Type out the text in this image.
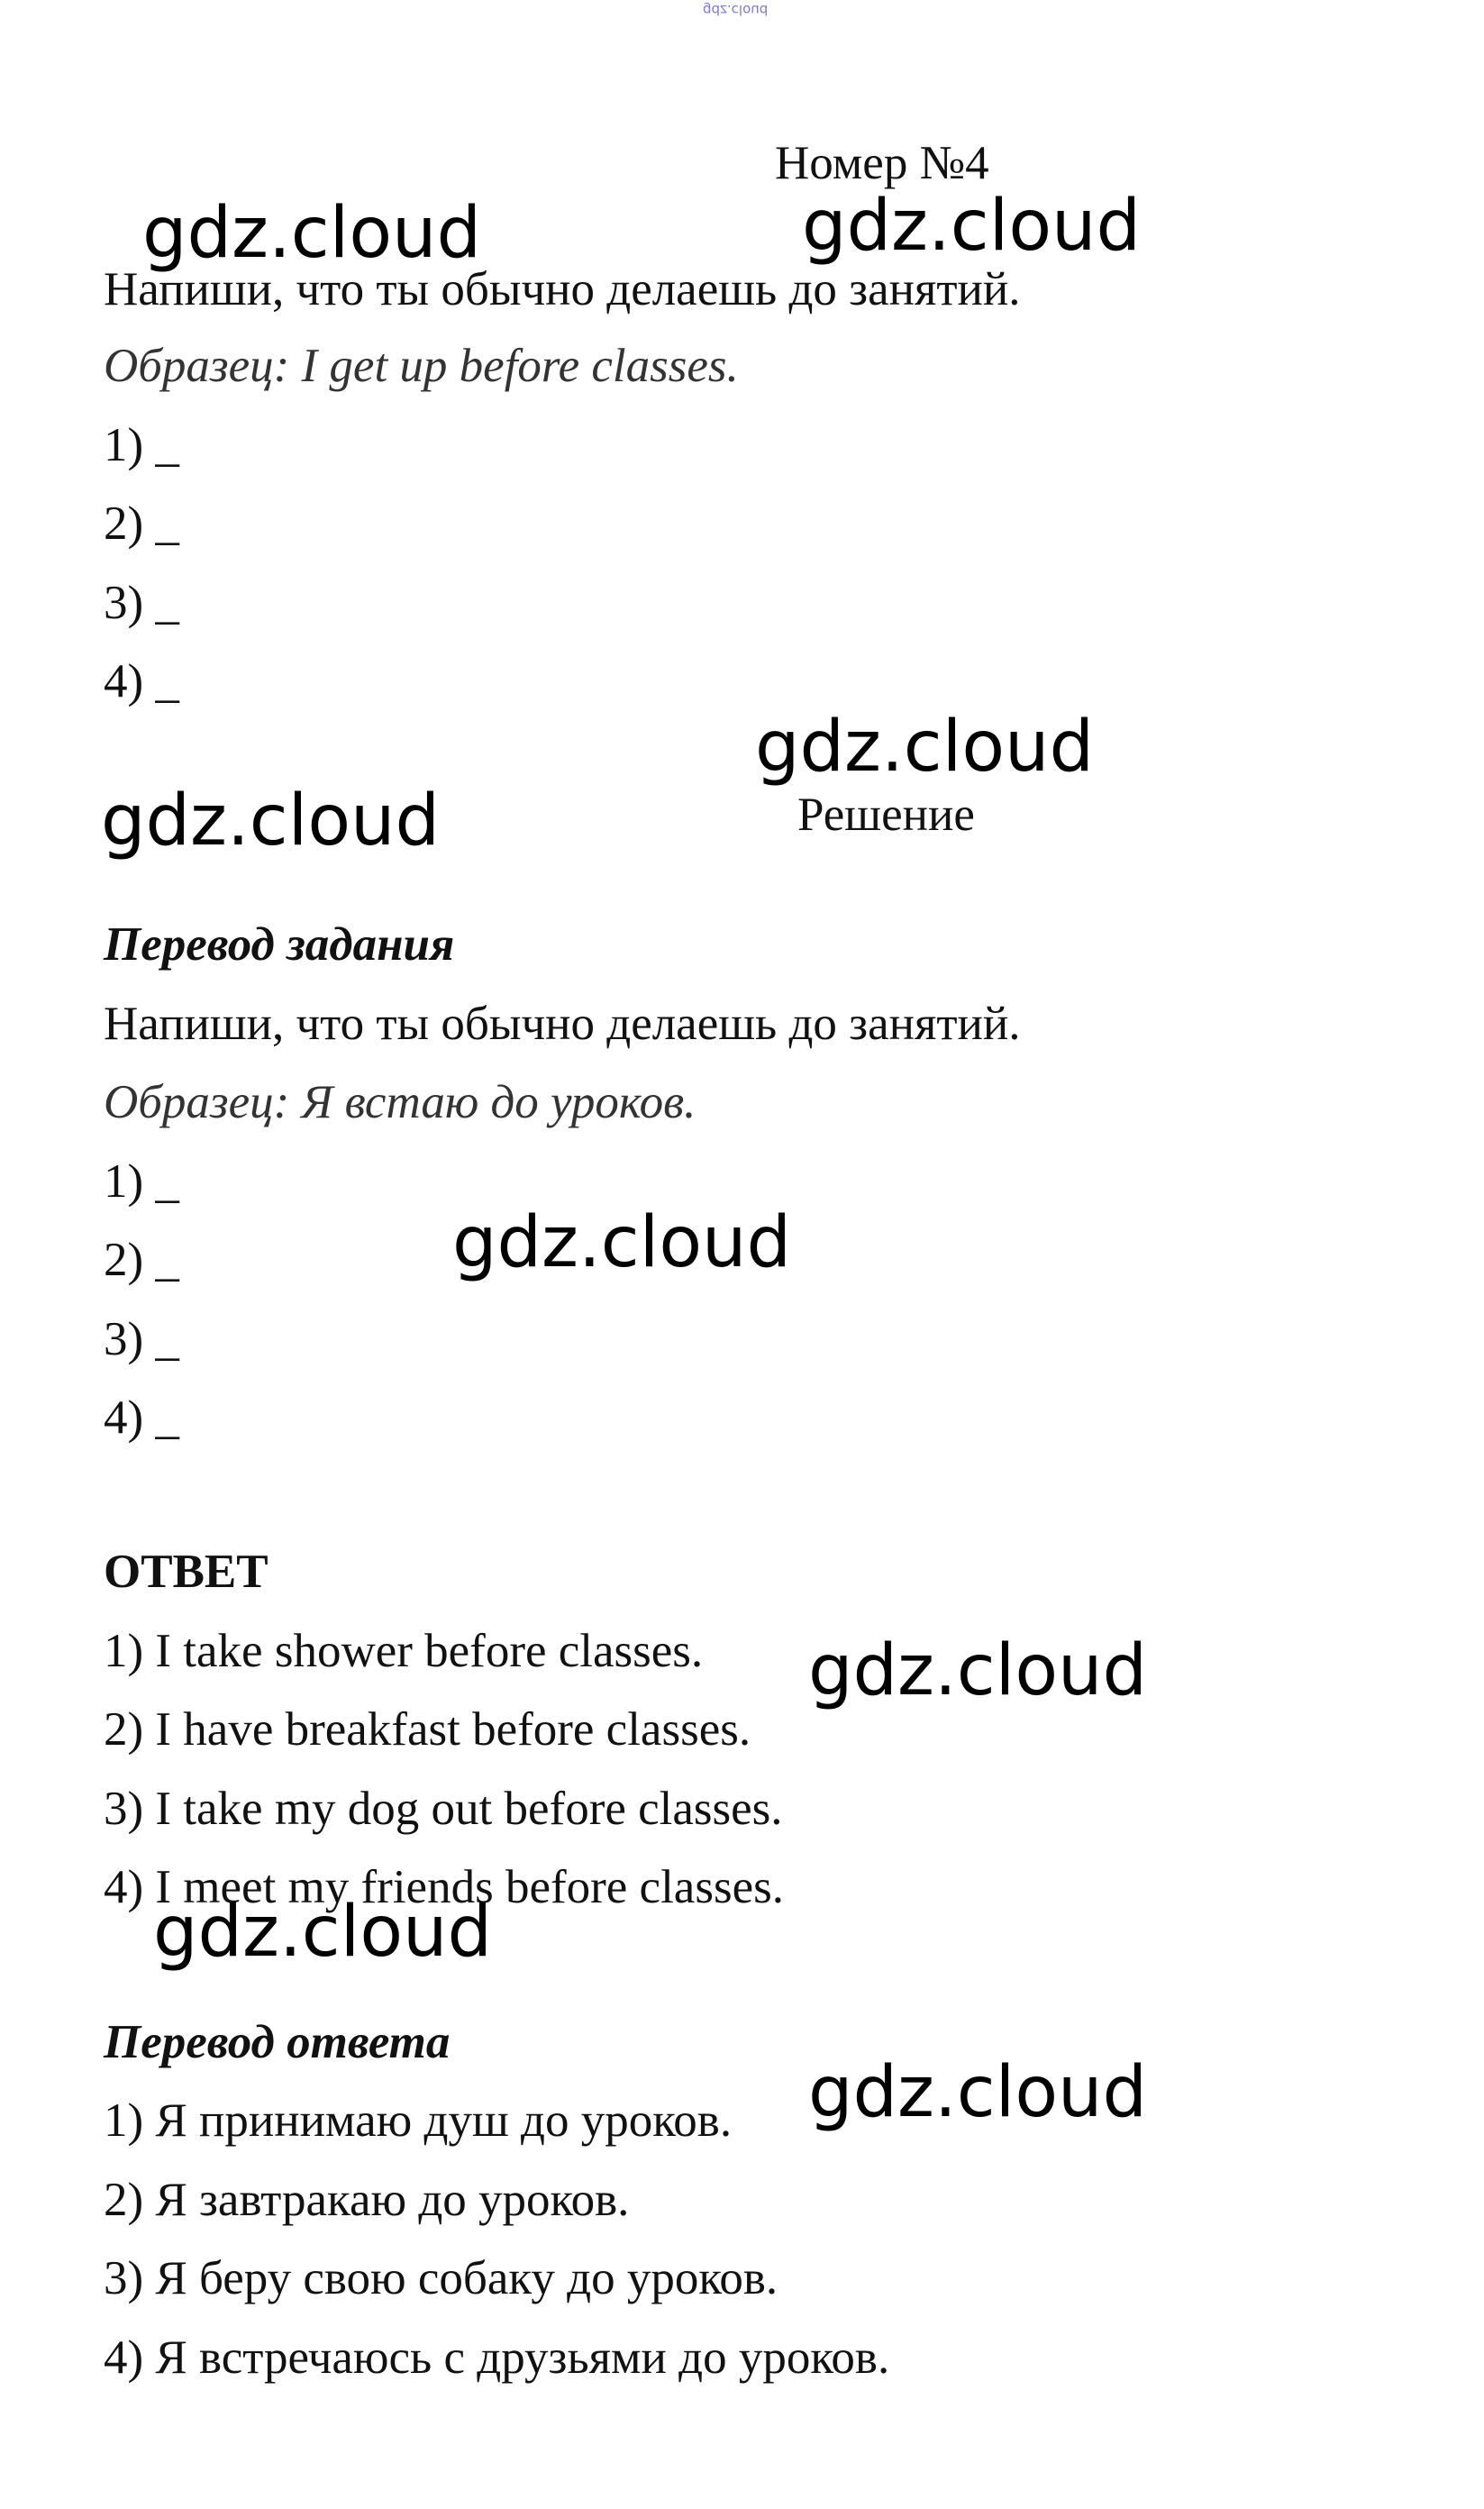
gdz.cloud
Номер №4
Напиши, что ты обычно делаешь до занятий.
Образец: I get up before classes.
1) _
2) _
3) _
4) _
Решение
Перевод задания
Напиши, что ты обычно делаешь до занятий.
Образец: Я встаю до уроков.
1) _
2) _
3) _
4) _
ОТВЕТ
1) I take shower before classes.
2) I have breakfast before classes.
3) I take my dog out before classes.
4) I meet my friends before classes.
Перевод ответа
1) Я принимаю душ до уроков.
2) Я завтракаю до уроков.
3) Я беру свою собаку до уроков.
4) Я встречаюсь с друзьями до уроков.
gdz.cloud	gdz.cloud
gdz.cloud
gdz.cloud
gdz.cloud
gdz.cloud
gdz.cloud
gdz.cloud
